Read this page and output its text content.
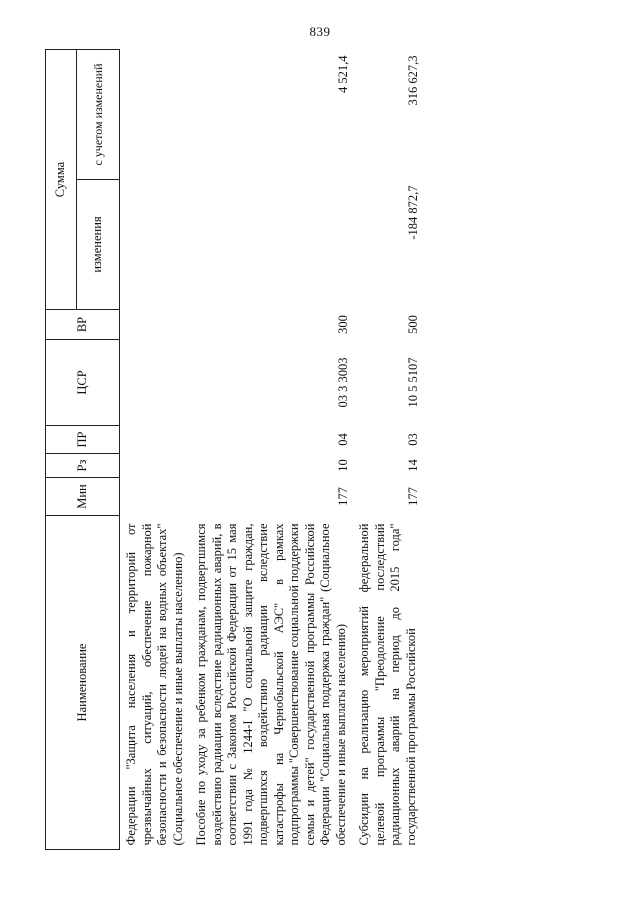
839
Наименование	Мин	Рз	ПР	ЦСР	ВР	Сумма	
						изменения	с учетом изменений
Федерации "Защита населения и территорий от чрезвычайных ситуаций, обеспечение пожарной безопасности и безопасности людей на водных объектах" (Социальное обеспечение и иные выплаты населению)							
Пособие по уходу за ребенком гражданам, подвергшимся воздействию радиации вследствие радиационных аварий, в соответствии с Законом Российской Федерации от 15 мая 1991 года № 1244-I "О социальной защите граждан, подвергшихся воздействию радиации вследствие катастрофы на Чернобыльской АЭС" в рамках подпрограммы "Совершенствование социальной поддержки семьи и детей" государственной программы Российской Федерации "Социальная поддержка граждан" (Социальное обеспечение и иные выплаты населению)	177	10	04	03 3 3003	300		4 521,4
Субсидии на реализацию мероприятий федеральной целевой программы "Преодоление последствий радиационных аварий на период до 2015 года" государственной программы Российской	177	14	03	10 5 5107	500	-184 872,7	316 627,3
